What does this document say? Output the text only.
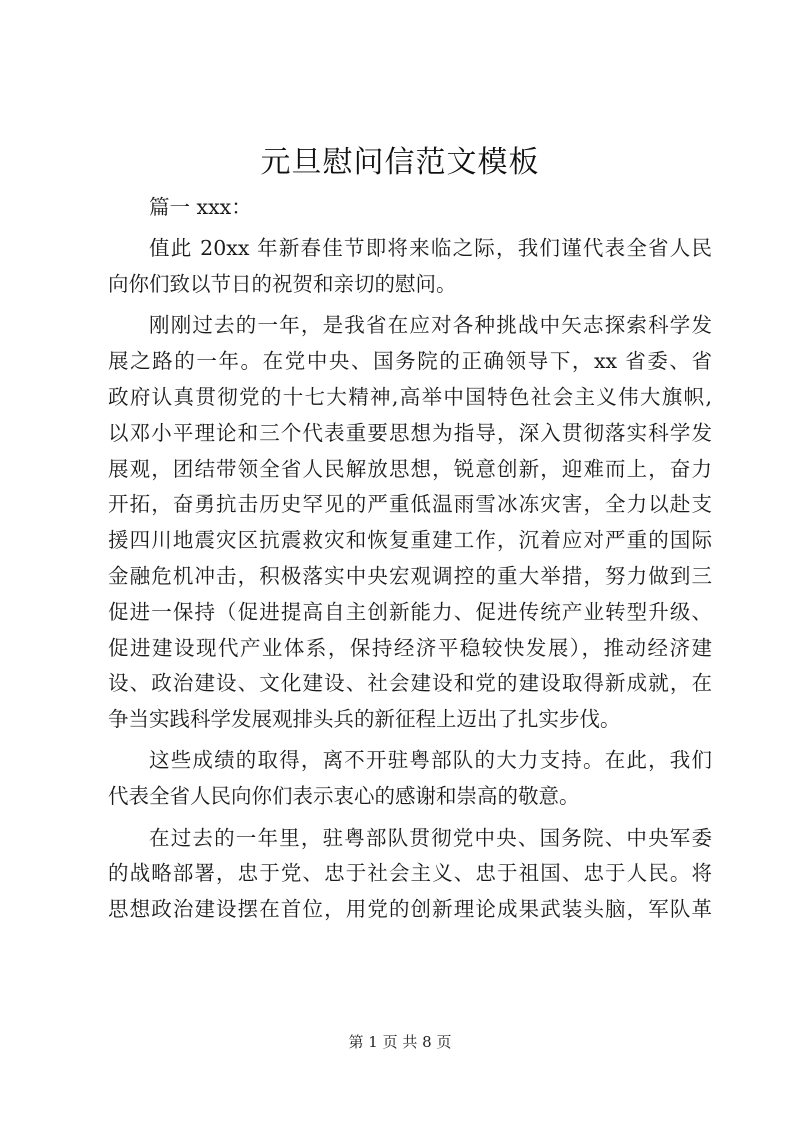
元旦慰问信范文模板
篇一 xxx：
值此 20xx 年新春佳节即将来临之际，我们谨代表全省人民
向你们致以节日的祝贺和亲切的慰问。
刚刚过去的一年，是我省在应对各种挑战中矢志探索科学发
展之路的一年。在党中央、国务院的正确领导下，xx 省委、省
政府认真贯彻党的十七大精神,高举中国特色社会主义伟大旗帜,
以邓小平理论和三个代表重要思想为指导，深入贯彻落实科学发
展观，团结带领全省人民解放思想，锐意创新，迎难而上，奋力
开拓，奋勇抗击历史罕见的严重低温雨雪冰冻灾害，全力以赴支
援四川地震灾区抗震救灾和恢复重建工作，沉着应对严重的国际
金融危机冲击，积极落实中央宏观调控的重大举措，努力做到三
促进一保持（促进提高自主创新能力、促进传统产业转型升级、
促进建设现代产业体系，保持经济平稳较快发展），推动经济建
设、政治建设、文化建设、社会建设和党的建设取得新成就，在
争当实践科学发展观排头兵的新征程上迈出了扎实步伐。
这些成绩的取得，离不开驻粤部队的大力支持。在此，我们
代表全省人民向你们表示衷心的感谢和崇高的敬意。
在过去的一年里，驻粤部队贯彻党中央、国务院、中央军委
的战略部署，忠于党、忠于社会主义、忠于祖国、忠于人民。将
思想政治建设摆在首位，用党的创新理论成果武装头脑，军队革
第 1 页 共 8 页
